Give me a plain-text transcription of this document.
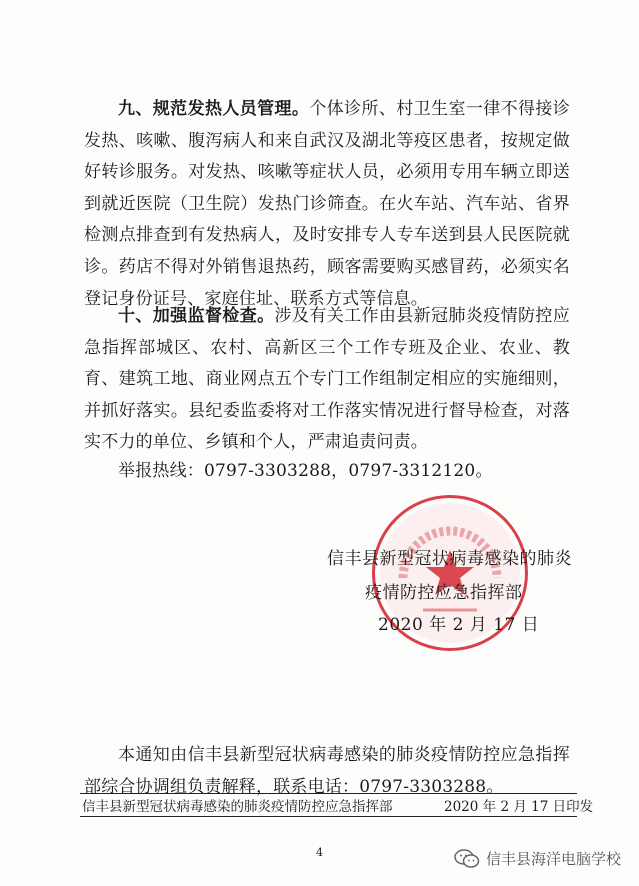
九、规范发热人员管理。个体诊所、村卫生室一律不得接诊发热、咳嗽、腹泻病人和来自武汉及湖北等疫区患者，按规定做好转诊服务。对发热、咳嗽等症状人员，必须用专用车辆立即送到就近医院（卫生院）发热门诊筛查。在火车站、汽车站、省界检测点排查到有发热病人，及时安排专人专车送到县人民医院就诊。药店不得对外销售退热药，顾客需要购买感冒药，必须实名登记身份证号、家庭住址、联系方式等信息。

十、加强监督检查。涉及有关工作由县新冠肺炎疫情防控应急指挥部城区、农村、高新区三个工作专班及企业、农业、教育、建筑工地、商业网点五个专门工作组制定相应的实施细则，并抓好落实。县纪委监委将对工作落实情况进行督导检查，对落实不力的单位、乡镇和个人，严肃追责问责。

举报热线：0797-3303288，0797-3312120。

信丰县新型冠状病毒感染的肺炎

疫情防控应急指挥部

2020 年 2 月 17 日

本通知由信丰县新型冠状病毒感染的肺炎疫情防控应急指挥部综合协调组负责解释，联系电话：0797-3303288。

信丰县新型冠状病毒感染的肺炎疫情防控应急指挥部	2020 年 2 月 17 日印发
4	信丰县海洋电脑学校
